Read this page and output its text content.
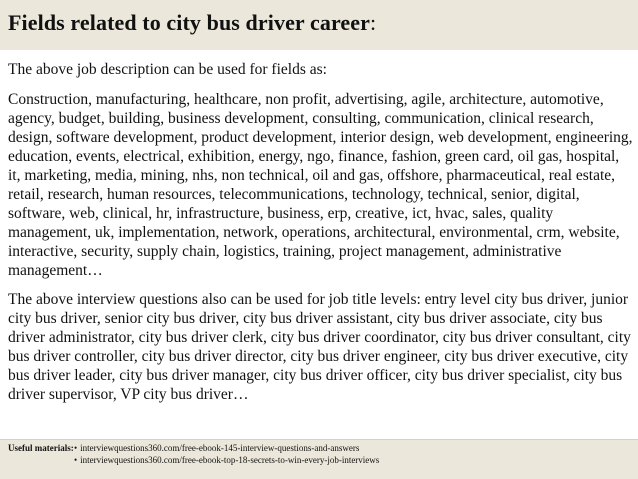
Fields related to city bus driver career:

The above job description can be used for fields as:

Construction, manufacturing, healthcare, non profit, advertising, agile, architecture, automotive, agency, budget, building, business development, consulting, communication, clinical research, design, software development, product development, interior design, web development, engineering, education, events, electrical, exhibition, energy, ngo, finance, fashion, green card, oil gas, hospital, it, marketing, media, mining, nhs, non technical, oil and gas, offshore, pharmaceutical, real estate, retail, research, human resources, telecommunications, technology, technical, senior, digital, software, web, clinical, hr, infrastructure, business, erp, creative, ict, hvac, sales, quality management, uk, implementation, network, operations, architectural, environmental, crm, website, interactive, security, supply chain, logistics, training, project management, administrative management…

The above interview questions also can be used for job title levels: entry level city bus driver, junior city bus driver, senior city bus driver, city bus driver assistant, city bus driver associate, city bus driver administrator, city bus driver clerk, city bus driver coordinator, city bus driver consultant, city bus driver controller, city bus driver director, city bus driver engineer, city bus driver executive, city bus driver leader, city bus driver manager, city bus driver officer, city bus driver specialist, city bus driver supervisor, VP city bus driver…

Useful materials: • interviewquestions360.com/free-ebook-145-interview-questions-and-answers
• interviewquestions360.com/free-ebook-top-18-secrets-to-win-every-job-interviews
